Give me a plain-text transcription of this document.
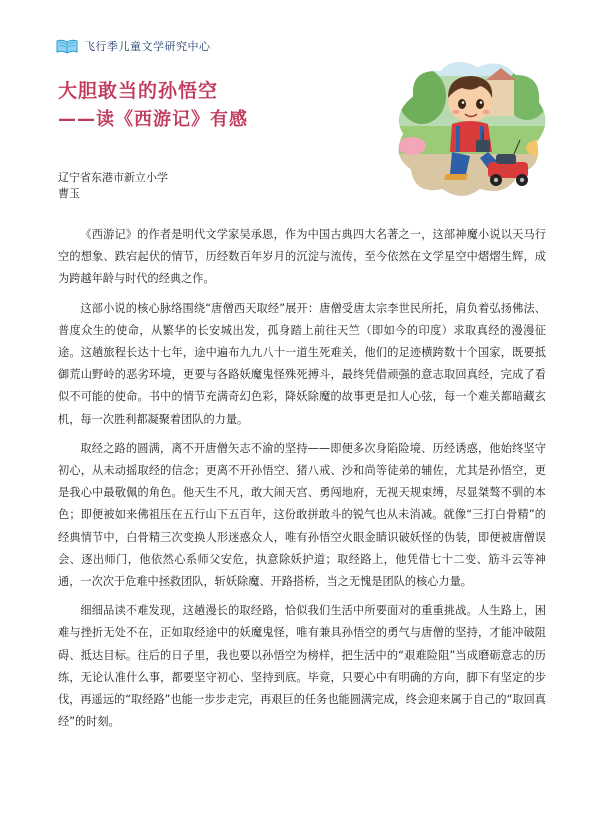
飞行季儿童文学研究中心
大胆敢当的孙悟空
——读《西游记》有感
辽宁省东港市新立小学
曹玉

《西游记》的作者是明代文学家吴承恩，作为中国古典四大名著之一，这部神魔小说以天马行空的想象、跌宕起伏的情节，历经数百年岁月的沉淀与流传，至今依然在文学星空中熠熠生辉，成为跨越年龄与时代的经典之作。

这部小说的核心脉络围绕“唐僧西天取经”展开：唐僧受唐太宗李世民所托，肩负着弘扬佛法、普度众生的使命，从繁华的长安城出发，孤身踏上前往天竺（即如今的印度）求取真经的漫漫征途。这趟旅程长达十七年，途中遍布九九八十一道生死难关，他们的足迹横跨数十个国家，既要抵御荒山野岭的恶劣环境，更要与各路妖魔鬼怪殊死搏斗，最终凭借顽强的意志取回真经，完成了看似不可能的使命。书中的情节充满奇幻色彩，降妖除魔的故事更是扣人心弦，每一个难关都暗藏玄机，每一次胜利都凝聚着团队的力量。

取经之路的圆满，离不开唐僧矢志不渝的坚持——即便多次身陷险境、历经诱惑，他始终坚守初心，从未动摇取经的信念；更离不开孙悟空、猪八戒、沙和尚等徒弟的辅佐，尤其是孙悟空，更是我心中最敬佩的角色。他天生不凡，敢大闹天宫、勇闯地府，无视天规束缚，尽显桀骜不驯的本色；即便被如来佛祖压在五行山下五百年，这份敢拼敢斗的锐气也从未消减。就像“三打白骨精”的经典情节中，白骨精三次变换人形迷惑众人，唯有孙悟空火眼金睛识破妖怪的伪装，即便被唐僧误会、逐出师门，他依然心系师父安危，执意除妖护道；取经路上，他凭借七十二变、筋斗云等神通，一次次于危难中拯救团队，斩妖除魔、开路搭桥，当之无愧是团队的核心力量。

细细品读不难发现，这趟漫长的取经路，恰似我们生活中所要面对的重重挑战。人生路上，困难与挫折无处不在，正如取经途中的妖魔鬼怪，唯有兼具孙悟空的勇气与唐僧的坚持，才能冲破阻碍、抵达目标。往后的日子里，我也要以孙悟空为榜样，把生活中的“艰难险阻”当成磨砺意志的历练，无论认准什么事，都要坚守初心、坚持到底。毕竟，只要心中有明确的方向，脚下有坚定的步伐，再遥远的“取经路”也能一步步走完，再艰巨的任务也能圆满完成，终会迎来属于自己的“取回真经”的时刻。
